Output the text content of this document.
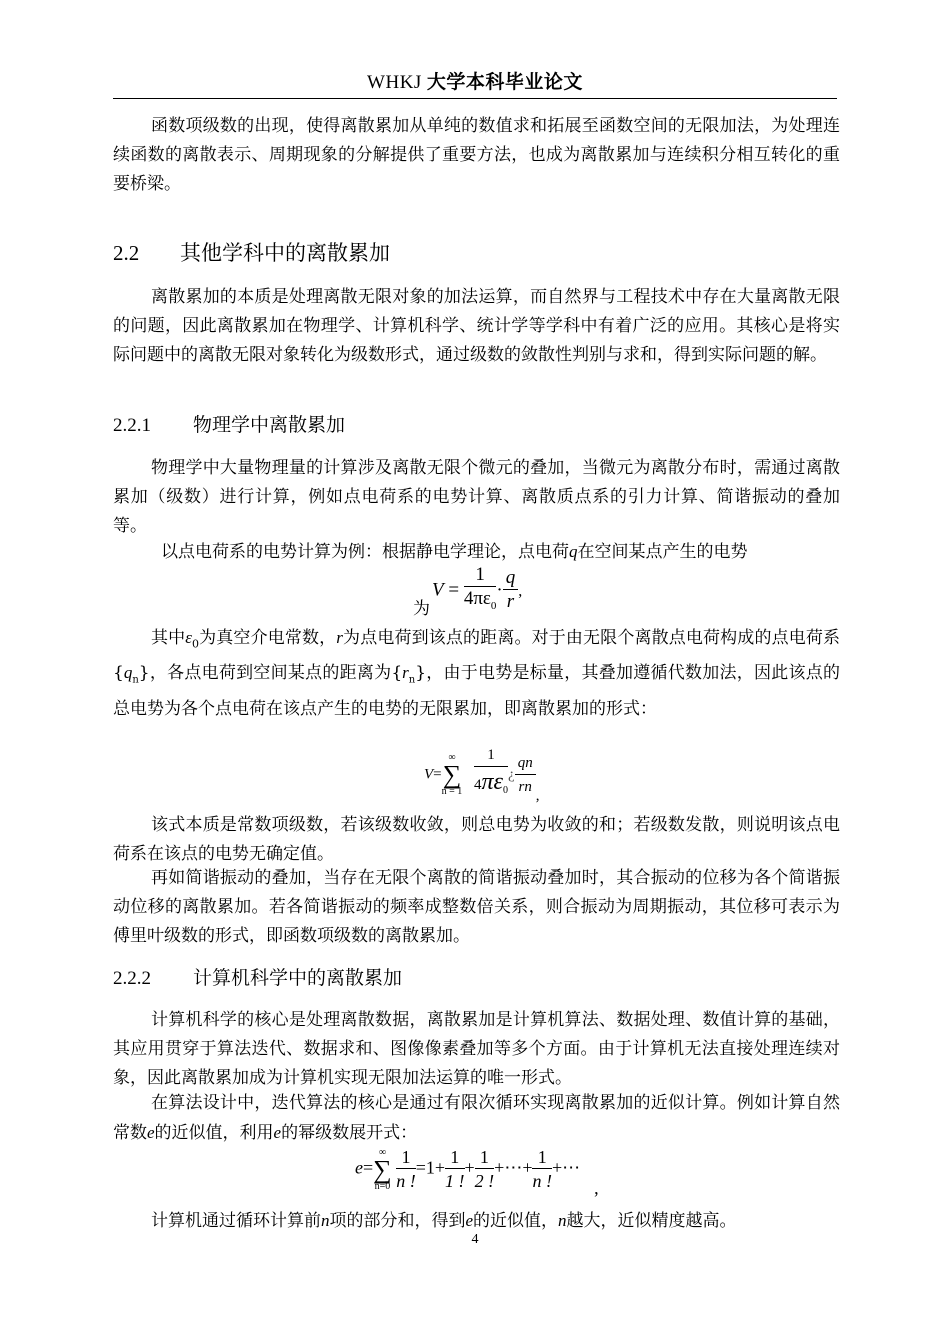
WHKJ 大学本科毕业论文
函数项级数的出现，使得离散累加从单纯的数值求和拓展至函数空间的无限加法，为处理连续函数的离散表示、周期现象的分解提供了重要方法，也成为离散累加与连续积分相互转化的重要桥梁。
2.2 其他学科中的离散累加
离散累加的本质是处理离散无限对象的加法运算，而自然界与工程技术中存在大量离散无限的问题，因此离散累加在物理学、计算机科学、统计学等学科中有着广泛的应用。其核心是将实际问题中的离散无限对象转化为级数形式，通过级数的敛散性判别与求和，得到实际问题的解。
2.2.1 物理学中离散累加
物理学中大量物理量的计算涉及离散无限个微元的叠加，当微元为离散分布时，需通过离散累加（级数）进行计算，例如点电荷系的电势计算、离散质点系的引力计算、简谐振动的叠加等。
以点电荷系的电势计算为例：根据静电学理论，点电荷q在空间某点产生的电势
为
$V = \frac{1}{4\pi\varepsilon_0} \cdot \frac{q}{r}$ ,
其中$\varepsilon_0$为真空介电常数，r为点电荷到该点的距离。对于由无限个离散点电荷构成的点电荷系$\{q_n\}$，各点电荷到空间某点的距离为$\{r_n\}$，由于电势是标量，其叠加遵循代数加法，因此该点的总电势为各个点电荷在该点产生的电势的无限累加，即离散累加的形式：
V=
∞
∑
n = 1
$\frac{1}{4\pi\varepsilon_0}$ ¿ $\frac{qn}{rn}$ ,
该式本质是常数项级数，若该级数收敛，则总电势为收敛的和；若级数发散，则说明该点电荷系在该点的电势无确定值。
再如简谐振动的叠加，当存在无限个离散的简谐振动叠加时，其合振动的位移为各个简谐振动位移的离散累加。若各简谐振动的频率成整数倍关系，则合振动为周期振动，其位移可表示为傅里叶级数的形式，即函数项级数的离散累加。
2.2.2 计算机科学中的离散累加
计算机科学的核心是处理离散数据，离散累加是计算机算法、数据处理、数值计算的基础，其应用贯穿于算法迭代、数据求和、图像像素叠加等多个方面。由于计算机无法直接处理连续对象，因此离散累加成为计算机实现无限加法运算的唯一形式。
在算法设计中，迭代算法的核心是通过有限次循环实现离散累加的近似计算。例如计算自然常数e的近似值，利用e的幂级数展开式：
e=
∞
∑
n=0
$\frac{1}{n !} =1+ \frac{1}{1 !} + \frac{1}{2 !}$ +⋯+ $\frac{1}{n !}$ +⋯,
计算机通过循环计算前n项的部分和，得到e的近似值，n越大，近似精度越高。
4
